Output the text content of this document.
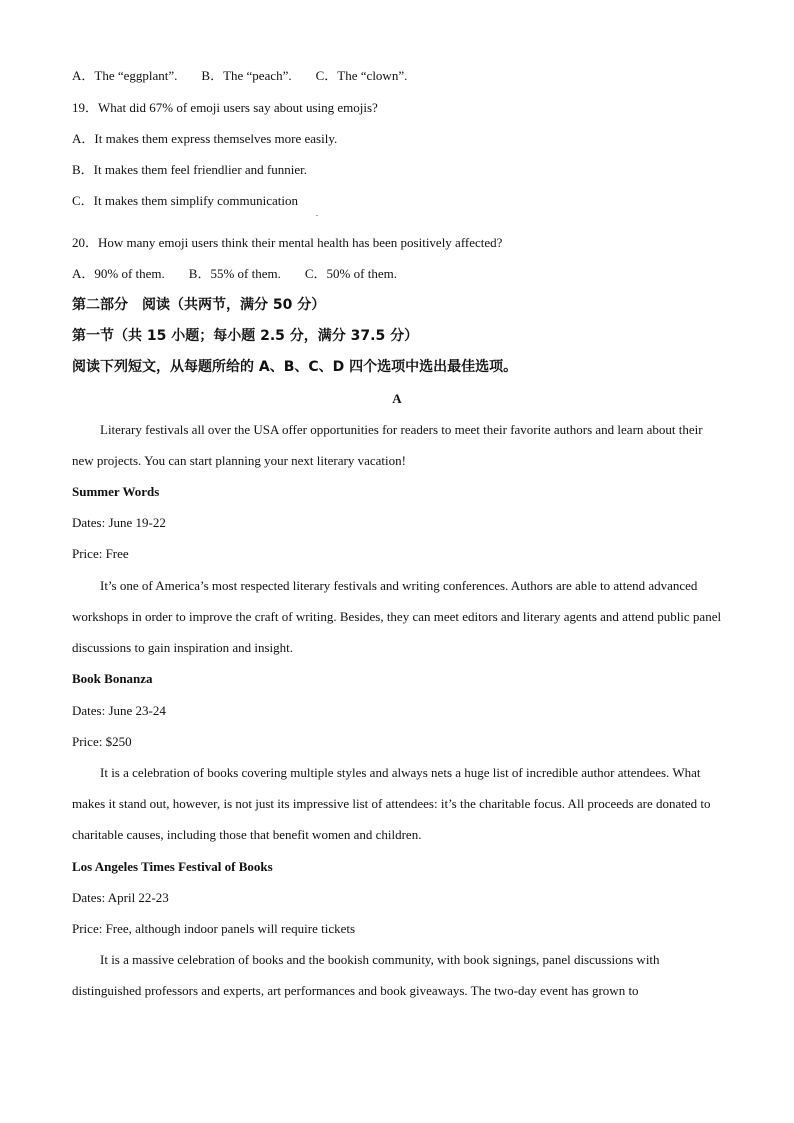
A．The “eggplant”. B．The “peach”. C．The “clown”.
19．What did 67% of emoji users say about using emojis?
A．It makes them express themselves more easily.
B．It makes them feel friendlier and funnier.
C．It makes them simplify communication
.
20．How many emoji users think their mental health has been positively affected?
A．90% of them. B．55% of them. C．50% of them.
第二部分　阅读（共两节，满分 50 分）
第一节（共 15 小题；每小题 2.5 分，满分 37.5 分）
阅读下列短文，从每题所给的 A、B、C、D 四个选项中选出最佳选项。
A
Literary festivals all over the USA offer opportunities for readers to meet their favorite authors and learn about their new projects. You can start planning your next literary vacation!
Summer Words
Dates: June 19-22
Price: Free
It’s one of America’s most respected literary festivals and writing conferences. Authors are able to attend advanced workshops in order to improve the craft of writing. Besides, they can meet editors and literary agents and attend public panel discussions to gain inspiration and insight.
Book Bonanza
Dates: June 23-24
Price: $250
It is a celebration of books covering multiple styles and always nets a huge list of incredible author attendees. What makes it stand out, however, is not just its impressive list of attendees: it’s the charitable focus. All proceeds are donated to charitable causes, including those that benefit women and children.
Los Angeles Times Festival of Books
Dates: April 22-23
Price: Free, although indoor panels will require tickets
It is a massive celebration of books and the bookish community, with book signings, panel discussions with distinguished professors and experts, art performances and book giveaways. The two-day event has grown to
